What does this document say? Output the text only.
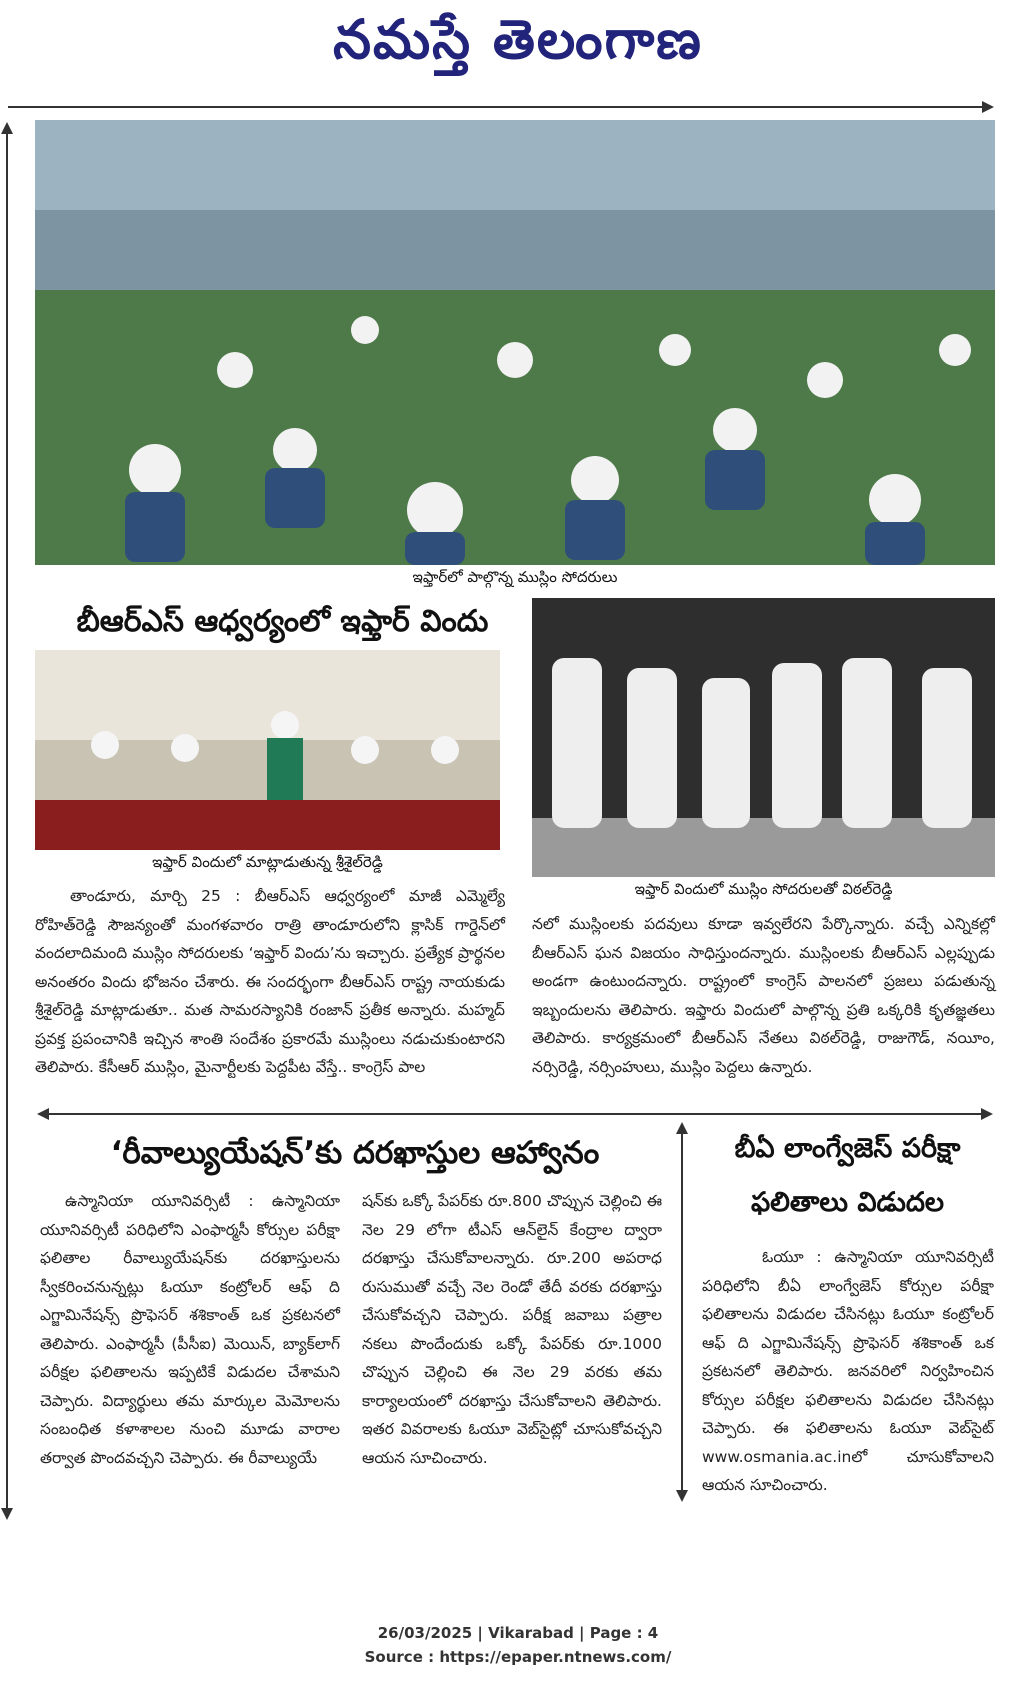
నమస్తే తెలంగాణ
ఇఫ్తార్‌లో పాల్గొన్న ముస్లిం సోదరులు
బీఆర్‌ఎస్ ఆధ్వర్యంలో ఇఫ్తార్ విందు
ఇఫ్తార్ విందులో మాట్లాడుతున్న శ్రీశైల్‌రెడ్డి
ఇఫ్తార్ విందులో ముస్లిం సోదరులతో విఠల్‌రెడ్డి
తాండూరు, మార్చి 25 : బీఆర్‌ఎస్ ఆధ్వర్యంలో మాజీ ఎమ్మెల్యే రోహిత్‌రెడ్డి సౌజన్యంతో మంగళవారం రాత్రి తాండూరులోని క్లాసిక్ గార్డెన్‌లో వందలాదిమంది ముస్లిం సోదరులకు ‘ఇఫ్తార్ విందు’ను ఇచ్చారు. ప్రత్యేక ప్రార్థనల అనంతరం విందు భోజనం చేశారు. ఈ సందర్భంగా బీఆర్‌ఎస్ రాష్ట్ర నాయకుడు శ్రీశైల్‌రెడ్డి మాట్లాడుతూ.. మత సామరస్యానికి రంజాన్ ప్రతీక అన్నారు. మహ్మద్ ప్రవక్త ప్రపంచానికి ఇచ్చిన శాంతి సందేశం ప్రకారమే ముస్లింలు నడుచుకుంటారని తెలిపారు. కేసీఆర్ ముస్లిం, మైనార్టీలకు పెద్దపీట వేస్తే.. కాంగ్రెస్ పాల
నలో ముస్లింలకు పదవులు కూడా ఇవ్వలేరని పేర్కొన్నారు. వచ్చే ఎన్నికల్లో బీఆర్‌ఎస్ ఘన విజయం సాధిస్తుందన్నారు. ముస్లింలకు బీఆర్‌ఎస్ ఎల్లప్పుడు అండగా ఉంటుందన్నారు. రాష్ట్రంలో కాంగ్రెస్ పాలనలో ప్రజలు పడుతున్న ఇబ్బందులను తెలిపారు. ఇఫ్తారు విందులో పాల్గొన్న ప్రతి ఒక్కరికి కృతజ్ఞతలు తెలిపారు. కార్యక్రమంలో బీఆర్‌ఎస్ నేతలు విఠల్‌రెడ్డి, రాజుగౌడ్, నయీం, నర్సిరెడ్డి, నర్సింహులు, ముస్లిం పెద్దలు ఉన్నారు.
‘రీవాల్యుయేషన్’కు దరఖాస్తుల ఆహ్వానం
ఉస్మానియా యూనివర్సిటీ : ఉస్మానియా యూనివర్సిటీ పరిధిలోని ఎంఫార్మసీ కోర్సుల పరీక్షా ఫలితాల రీవాల్యుయేషన్‌కు దరఖాస్తులను స్వీకరించనున్నట్లు ఓయూ కంట్రోలర్ ఆఫ్ ది ఎగ్జామినేషన్స్ ప్రొఫెసర్ శశికాంత్ ఒక ప్రకటనలో తెలిపారు. ఎంఫార్మసీ (పీసీఐ) మెయిన్, బ్యాక్‌లాగ్ పరీక్షల ఫలితాలను ఇప్పటికే విడుదల చేశామని చెప్పారు. విద్యార్థులు తమ మార్కుల మెమోలను సంబంధిత కళాశాలల నుంచి మూడు వారాల తర్వాత పొందవచ్చని చెప్పారు. ఈ రీవాల్యుయే
షన్‌కు ఒక్కో పేపర్‌కు రూ.800 చొప్పున చెల్లించి ఈ నెల 29 లోగా టీఎస్ ఆన్‌లైన్ కేంద్రాల ద్వారా దరఖాస్తు చేసుకోవాలన్నారు. రూ.200 అపరాధ రుసుముతో వచ్చే నెల రెండో తేదీ వరకు దరఖాస్తు చేసుకోవచ్చని చెప్పారు. పరీక్ష జవాబు పత్రాల నకలు పొందేందుకు ఒక్కో పేపర్‌కు రూ.1000 చొప్పున చెల్లించి ఈ నెల 29 వరకు తమ కార్యాలయంలో దరఖాస్తు చేసుకోవాలని తెలిపారు. ఇతర వివరాలకు ఓయూ వెబ్‌సైట్లో చూసుకోవచ్చని ఆయన సూచించారు.
బీఏ లాంగ్వేజెస్ పరీక్షా
ఫలితాలు విడుదల
ఓయూ : ఉస్మానియా యూనివర్సిటీ పరిధిలోని బీఏ లాంగ్వేజెస్ కోర్సుల పరీక్షా ఫలితాలను విడుదల చేసినట్లు ఓయూ కంట్రోలర్ ఆఫ్ ది ఎగ్జామినేషన్స్ ప్రొఫెసర్ శశికాంత్ ఒక ప్రకటనలో తెలిపారు. జనవరిలో నిర్వహించిన కోర్సుల పరీక్షల ఫలితాలను విడుదల చేసినట్లు చెప్పారు. ఈ ఫలితాలను ఓయూ వెబ్‌సైట్ www.osmania.ac.inలో చూసుకోవాలని ఆయన సూచించారు.
26/03/2025 | Vikarabad | Page : 4
Source : https://epaper.ntnews.com/
